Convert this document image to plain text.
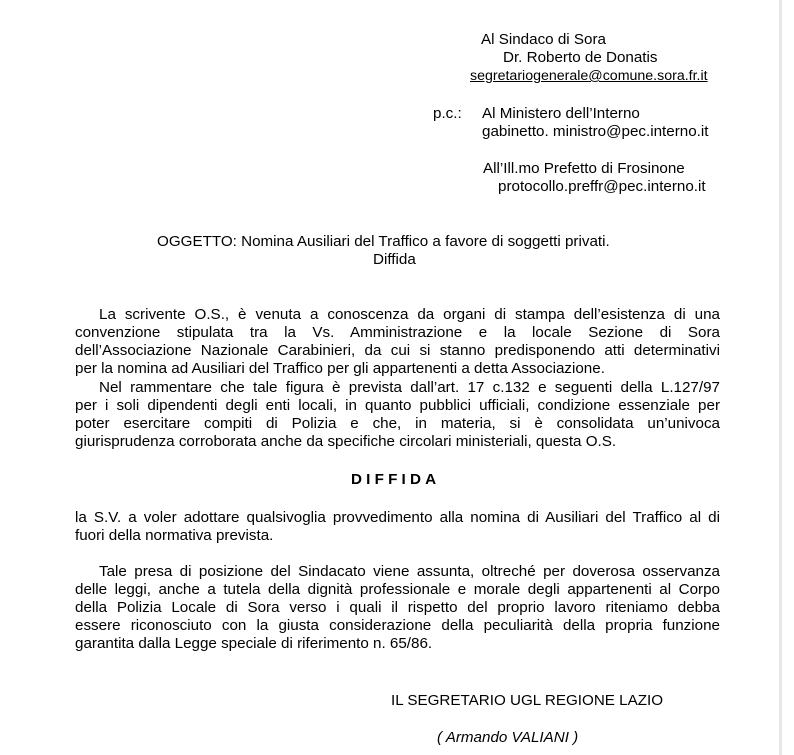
Al Sindaco di Sora

Dr. Roberto de Donatis

segretariogenerale@comune.sora.fr.it

p.c.: Al Ministero dell’Interno

gabinetto. ministro@pec.interno.it

All’Ill.mo Prefetto di Frosinone

protocollo.preffr@pec.interno.it

OGGETTO: Nomina Ausiliari del Traffico a favore di soggetti privati.

Diffida

La scrivente O.S., è venuta a conoscenza da organi di stampa dell’esistenza di una

convenzione stipulata tra la Vs. Amministrazione e la locale Sezione di Sora

dell’Associazione Nazionale Carabinieri, da cui si stanno predisponendo atti determinativi

per la nomina ad Ausiliari del Traffico per gli appartenenti a detta Associazione.

Nel rammentare che tale figura è prevista dall’art. 17 c.132 e seguenti della L.127/97

per i soli dipendenti degli enti locali, in quanto pubblici ufficiali, condizione essenziale per

poter esercitare compiti di Polizia e che, in materia, si è consolidata un’univoca

giurisprudenza corroborata anche da specifiche circolari ministeriali, questa O.S.

DIFFIDA

la S.V. a voler adottare qualsivoglia provvedimento alla nomina di Ausiliari del Traffico al di

fuori della normativa prevista.

Tale presa di posizione del Sindacato viene assunta, oltreché per doverosa osservanza

delle leggi, anche a tutela della dignità professionale e morale degli appartenenti al Corpo

della Polizia Locale di Sora verso i quali il rispetto del proprio lavoro riteniamo debba

essere riconosciuto con la giusta considerazione della peculiarità della propria funzione

garantita dalla Legge speciale di riferimento n. 65/86.

IL SEGRETARIO UGL REGIONE LAZIO

( Armando VALIANI )
